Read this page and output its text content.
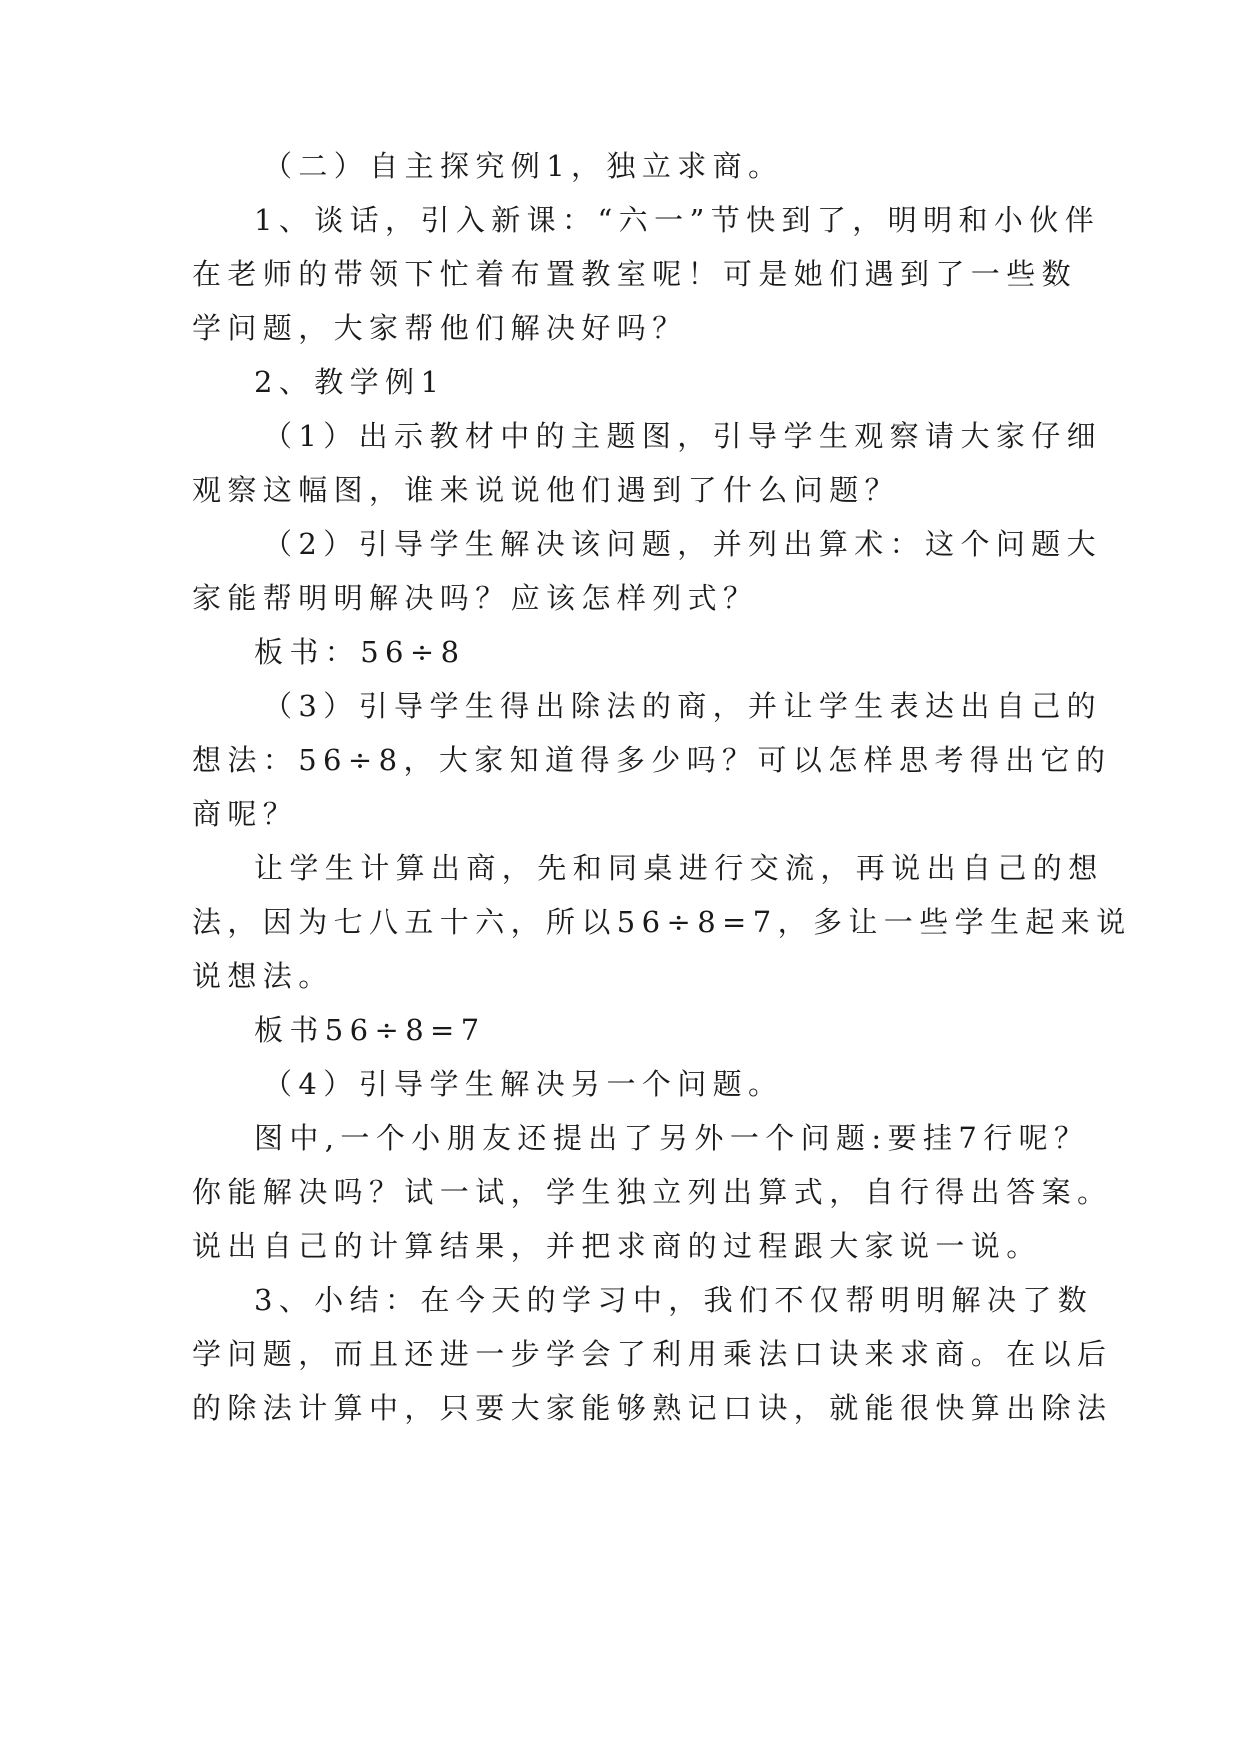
（二）自主探究例1，独立求商。
1、谈话，引入新课：“六一”节快到了，明明和小伙伴
在老师的带领下忙着布置教室呢！可是她们遇到了一些数
学问题，大家帮他们解决好吗？
2、教学例1
（1）出示教材中的主题图，引导学生观察请大家仔细
观察这幅图，谁来说说他们遇到了什么问题？
（2）引导学生解决该问题，并列出算术：这个问题大
家能帮明明解决吗？应该怎样列式？
板书：56÷8
（3）引导学生得出除法的商，并让学生表达出自己的
想法：56÷8，大家知道得多少吗？可以怎样思考得出它的
商呢？
让学生计算出商，先和同桌进行交流，再说出自己的想
法，因为七八五十六，所以56÷8=7，多让一些学生起来说
说想法。
板书56÷8=7
（4）引导学生解决另一个问题。
图中,一个小朋友还提出了另外一个问题:要挂7行呢？
你能解决吗？试一试，学生独立列出算式，自行得出答案。
说出自己的计算结果，并把求商的过程跟大家说一说。
3、小结：在今天的学习中，我们不仅帮明明解决了数
学问题，而且还进一步学会了利用乘法口诀来求商。在以后
的除法计算中，只要大家能够熟记口诀，就能很快算出除法
